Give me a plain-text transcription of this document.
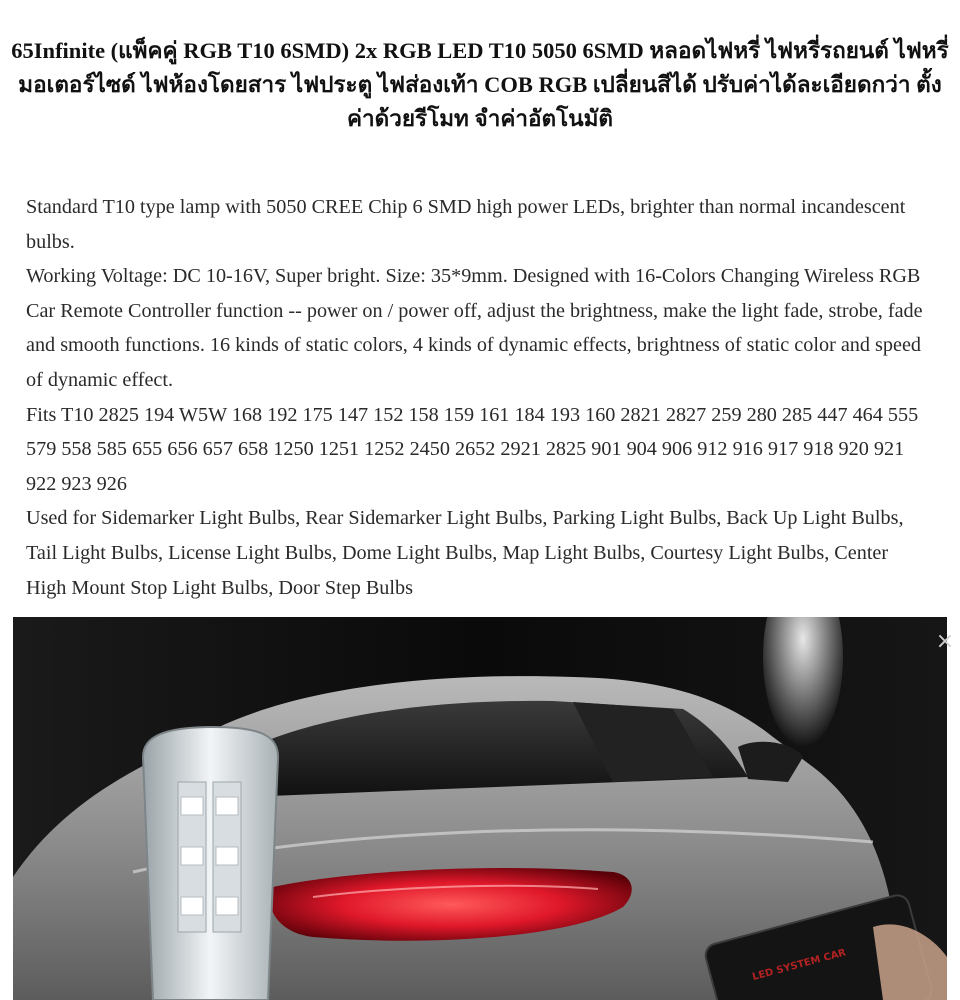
65Infinite (แพ็คคู่ RGB T10 6SMD) 2x RGB LED T10 5050 6SMD หลอดไฟหรี่ ไฟหรี่รถยนต์ ไฟหรี่มอเตอร์ไซด์ ไฟห้องโดยสาร ไฟประตู ไฟส่องเท้า COB RGB เปลี่ยนสีได้ ปรับค่าได้ละเอียดกว่า ตั้งค่าด้วยรีโมท จำค่าอัตโนมัติ

Standard T10 type lamp with 5050 CREE Chip 6 SMD high power LEDs, brighter than normal incandescent bulbs.

Working Voltage: DC 10-16V, Super bright. Size: 35*9mm. Designed with 16-Colors Changing Wireless RGB Car Remote Controller function -- power on / power off, adjust the brightness, make the light fade, strobe, fade and smooth functions. 16 kinds of static colors, 4 kinds of dynamic effects, brightness of static color and speed of dynamic effect.

Fits T10 2825 194 W5W 168 192 175 147 152 158 159 161 184 193 160 2821 2827 259 280 285 447 464 555 579 558 585 655 656 657 658 1250 1251 1252 2450 2652 2921 2825 901 904 906 912 916 917 918 920 921 922 923 926

Used for Sidemarker Light Bulbs, Rear Sidemarker Light Bulbs, Parking Light Bulbs, Back Up Light Bulbs, Tail Light Bulbs, License Light Bulbs, Dome Light Bulbs, Map Light Bulbs, Courtesy Light Bulbs, Center High Mount Stop Light Bulbs, Door Step Bulbs

LED SYSTEM CAR
×
